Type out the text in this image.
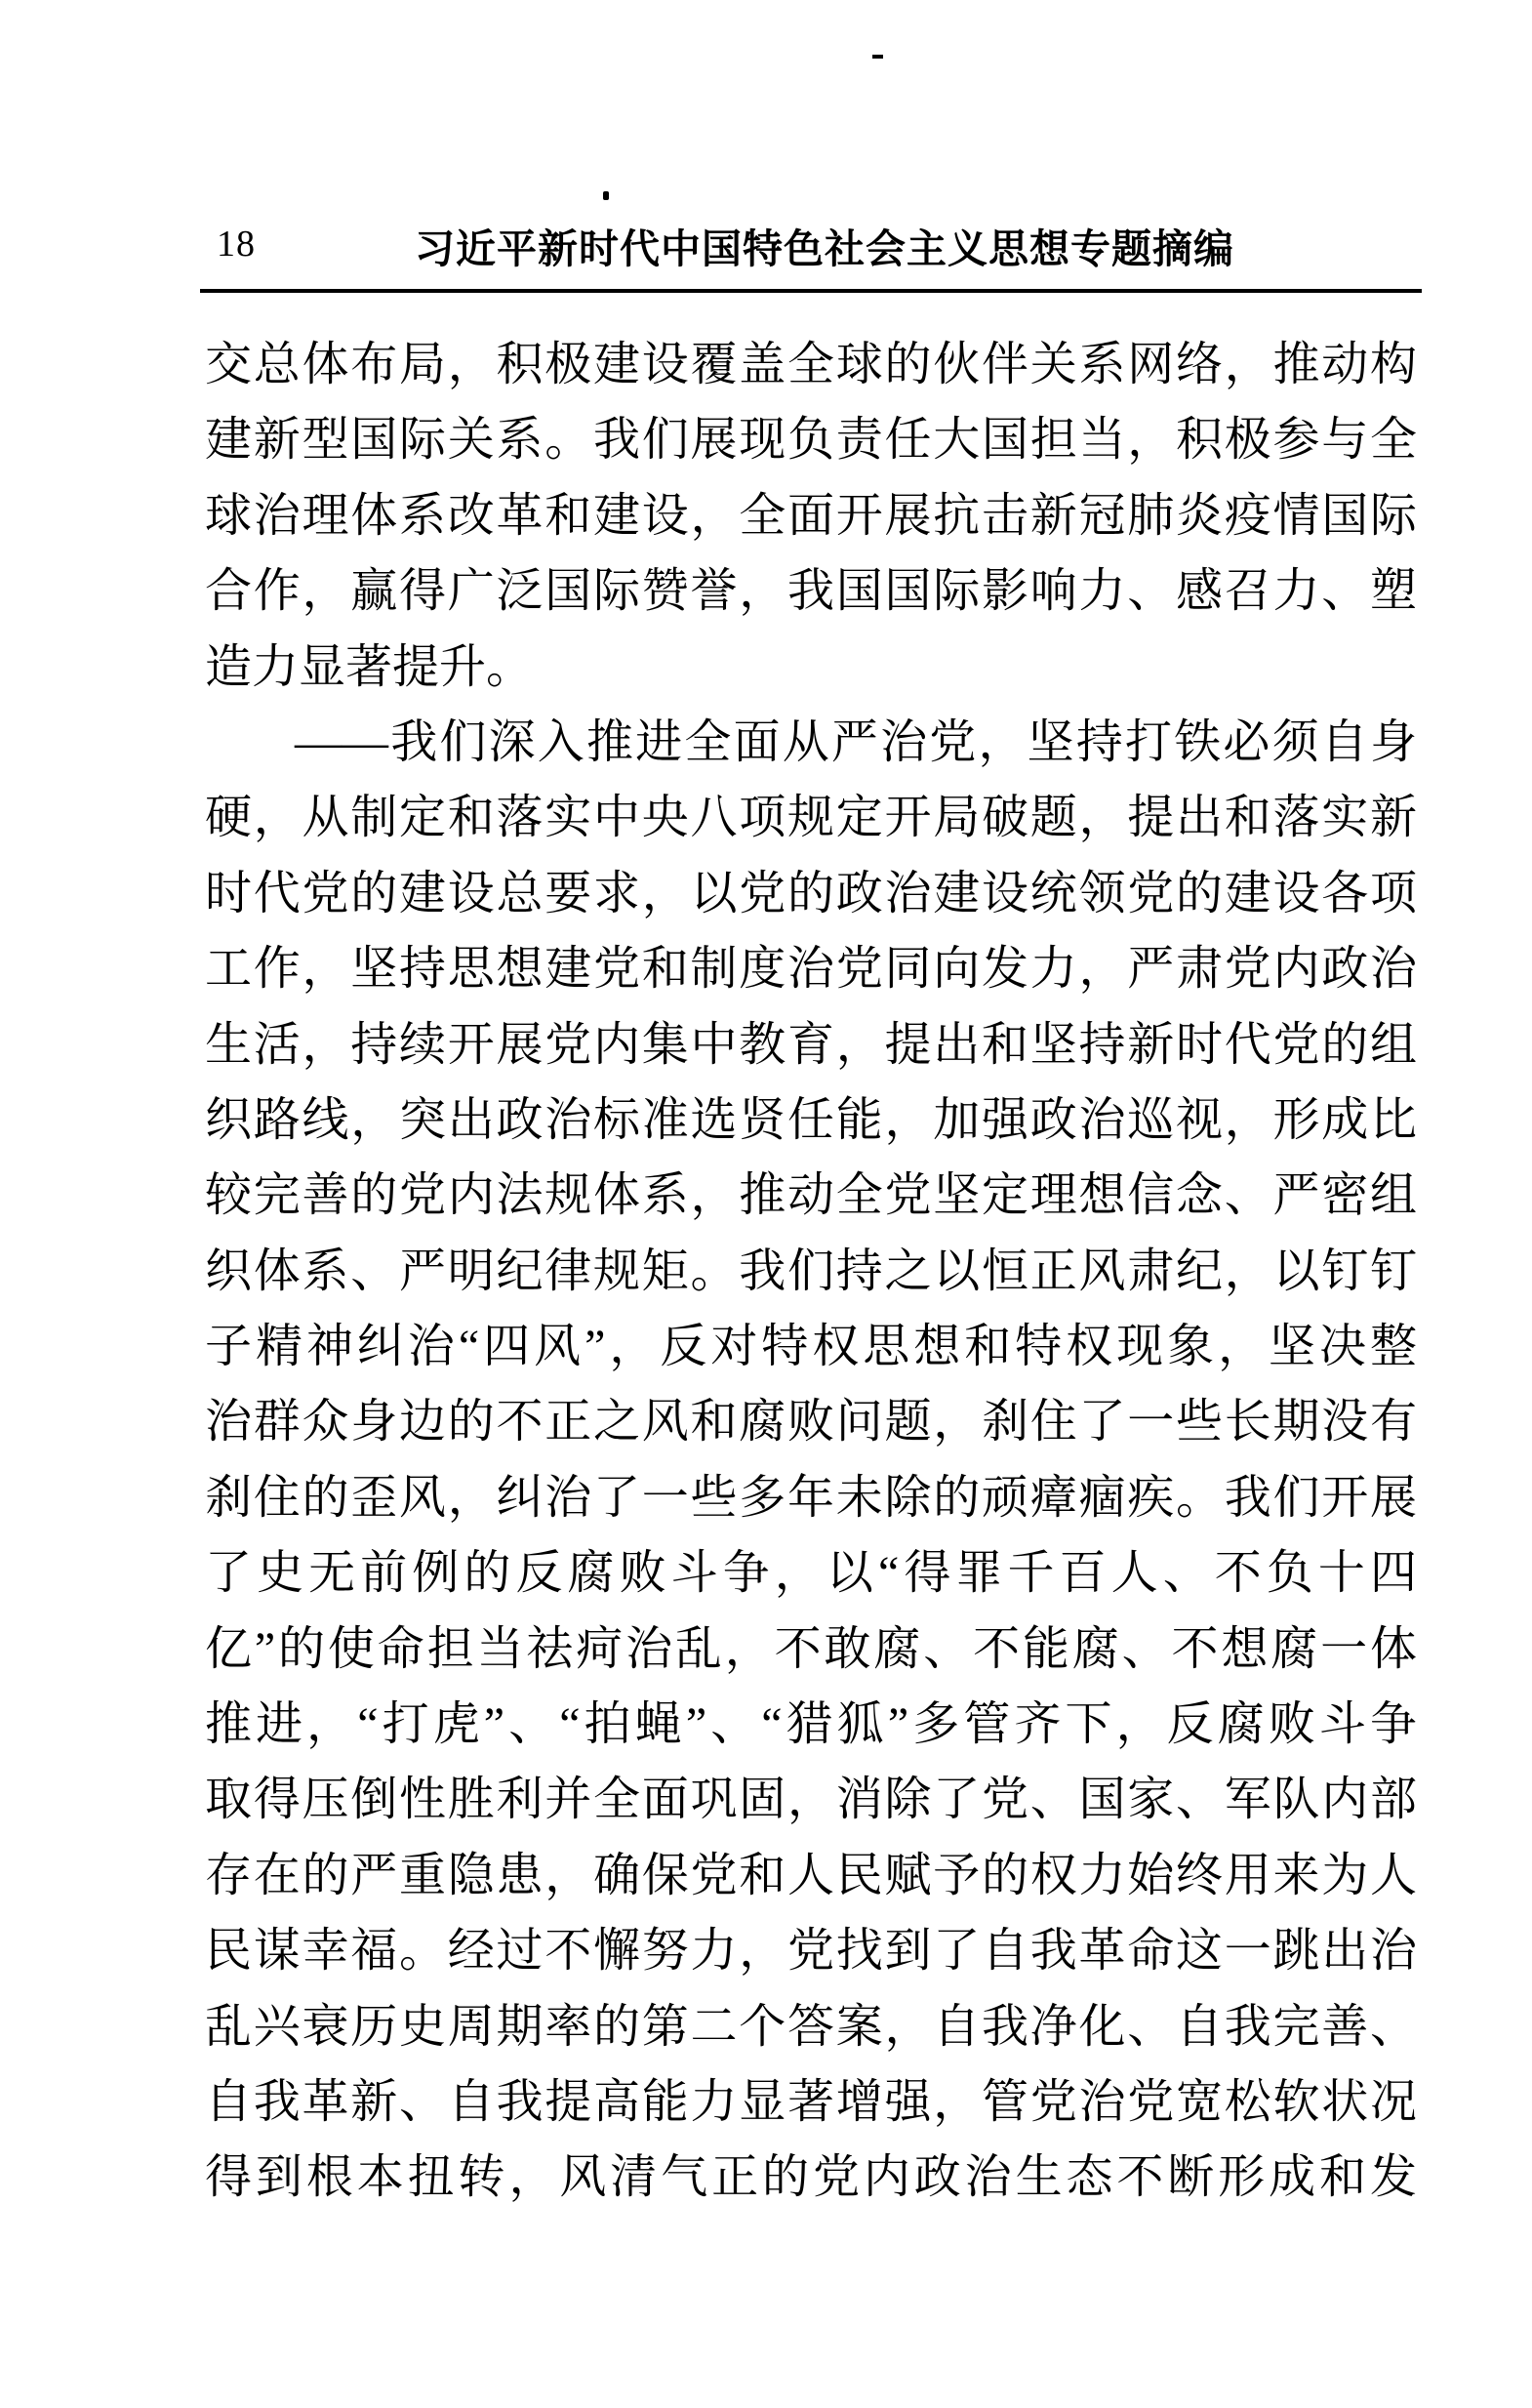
18	习近平新时代中国特色社会主义思想专题摘编
交总体布局，积极建设覆盖全球的伙伴关系网络，推动构
建新型国际关系。我们展现负责任大国担当，积极参与全
球治理体系改革和建设，全面开展抗击新冠肺炎疫情国际
合作，赢得广泛国际赞誉，我国国际影响力、感召力、塑
造力显著提升。
——我们深入推进全面从严治党，坚持打铁必须自身
硬，从制定和落实中央八项规定开局破题，提出和落实新
时代党的建设总要求，以党的政治建设统领党的建设各项
工作，坚持思想建党和制度治党同向发力，严肃党内政治
生活，持续开展党内集中教育，提出和坚持新时代党的组
织路线，突出政治标准选贤任能，加强政治巡视，形成比
较完善的党内法规体系，推动全党坚定理想信念、严密组
织体系、严明纪律规矩。我们持之以恒正风肃纪，以钉钉
子精神纠治“四风”，反对特权思想和特权现象，坚决整
治群众身边的不正之风和腐败问题，刹住了一些长期没有
刹住的歪风，纠治了一些多年未除的顽瘴痼疾。我们开展
了史无前例的反腐败斗争，以“得罪千百人、不负十四
亿”的使命担当祛疴治乱，不敢腐、不能腐、不想腐一体
推进，“打虎”、“拍蝇”、“猎狐”多管齐下，反腐败斗争
取得压倒性胜利并全面巩固，消除了党、国家、军队内部
存在的严重隐患，确保党和人民赋予的权力始终用来为人
民谋幸福。经过不懈努力，党找到了自我革命这一跳出治
乱兴衰历史周期率的第二个答案，自我净化、自我完善、
自我革新、自我提高能力显著增强，管党治党宽松软状况
得到根本扭转，风清气正的党内政治生态不断形成和发
